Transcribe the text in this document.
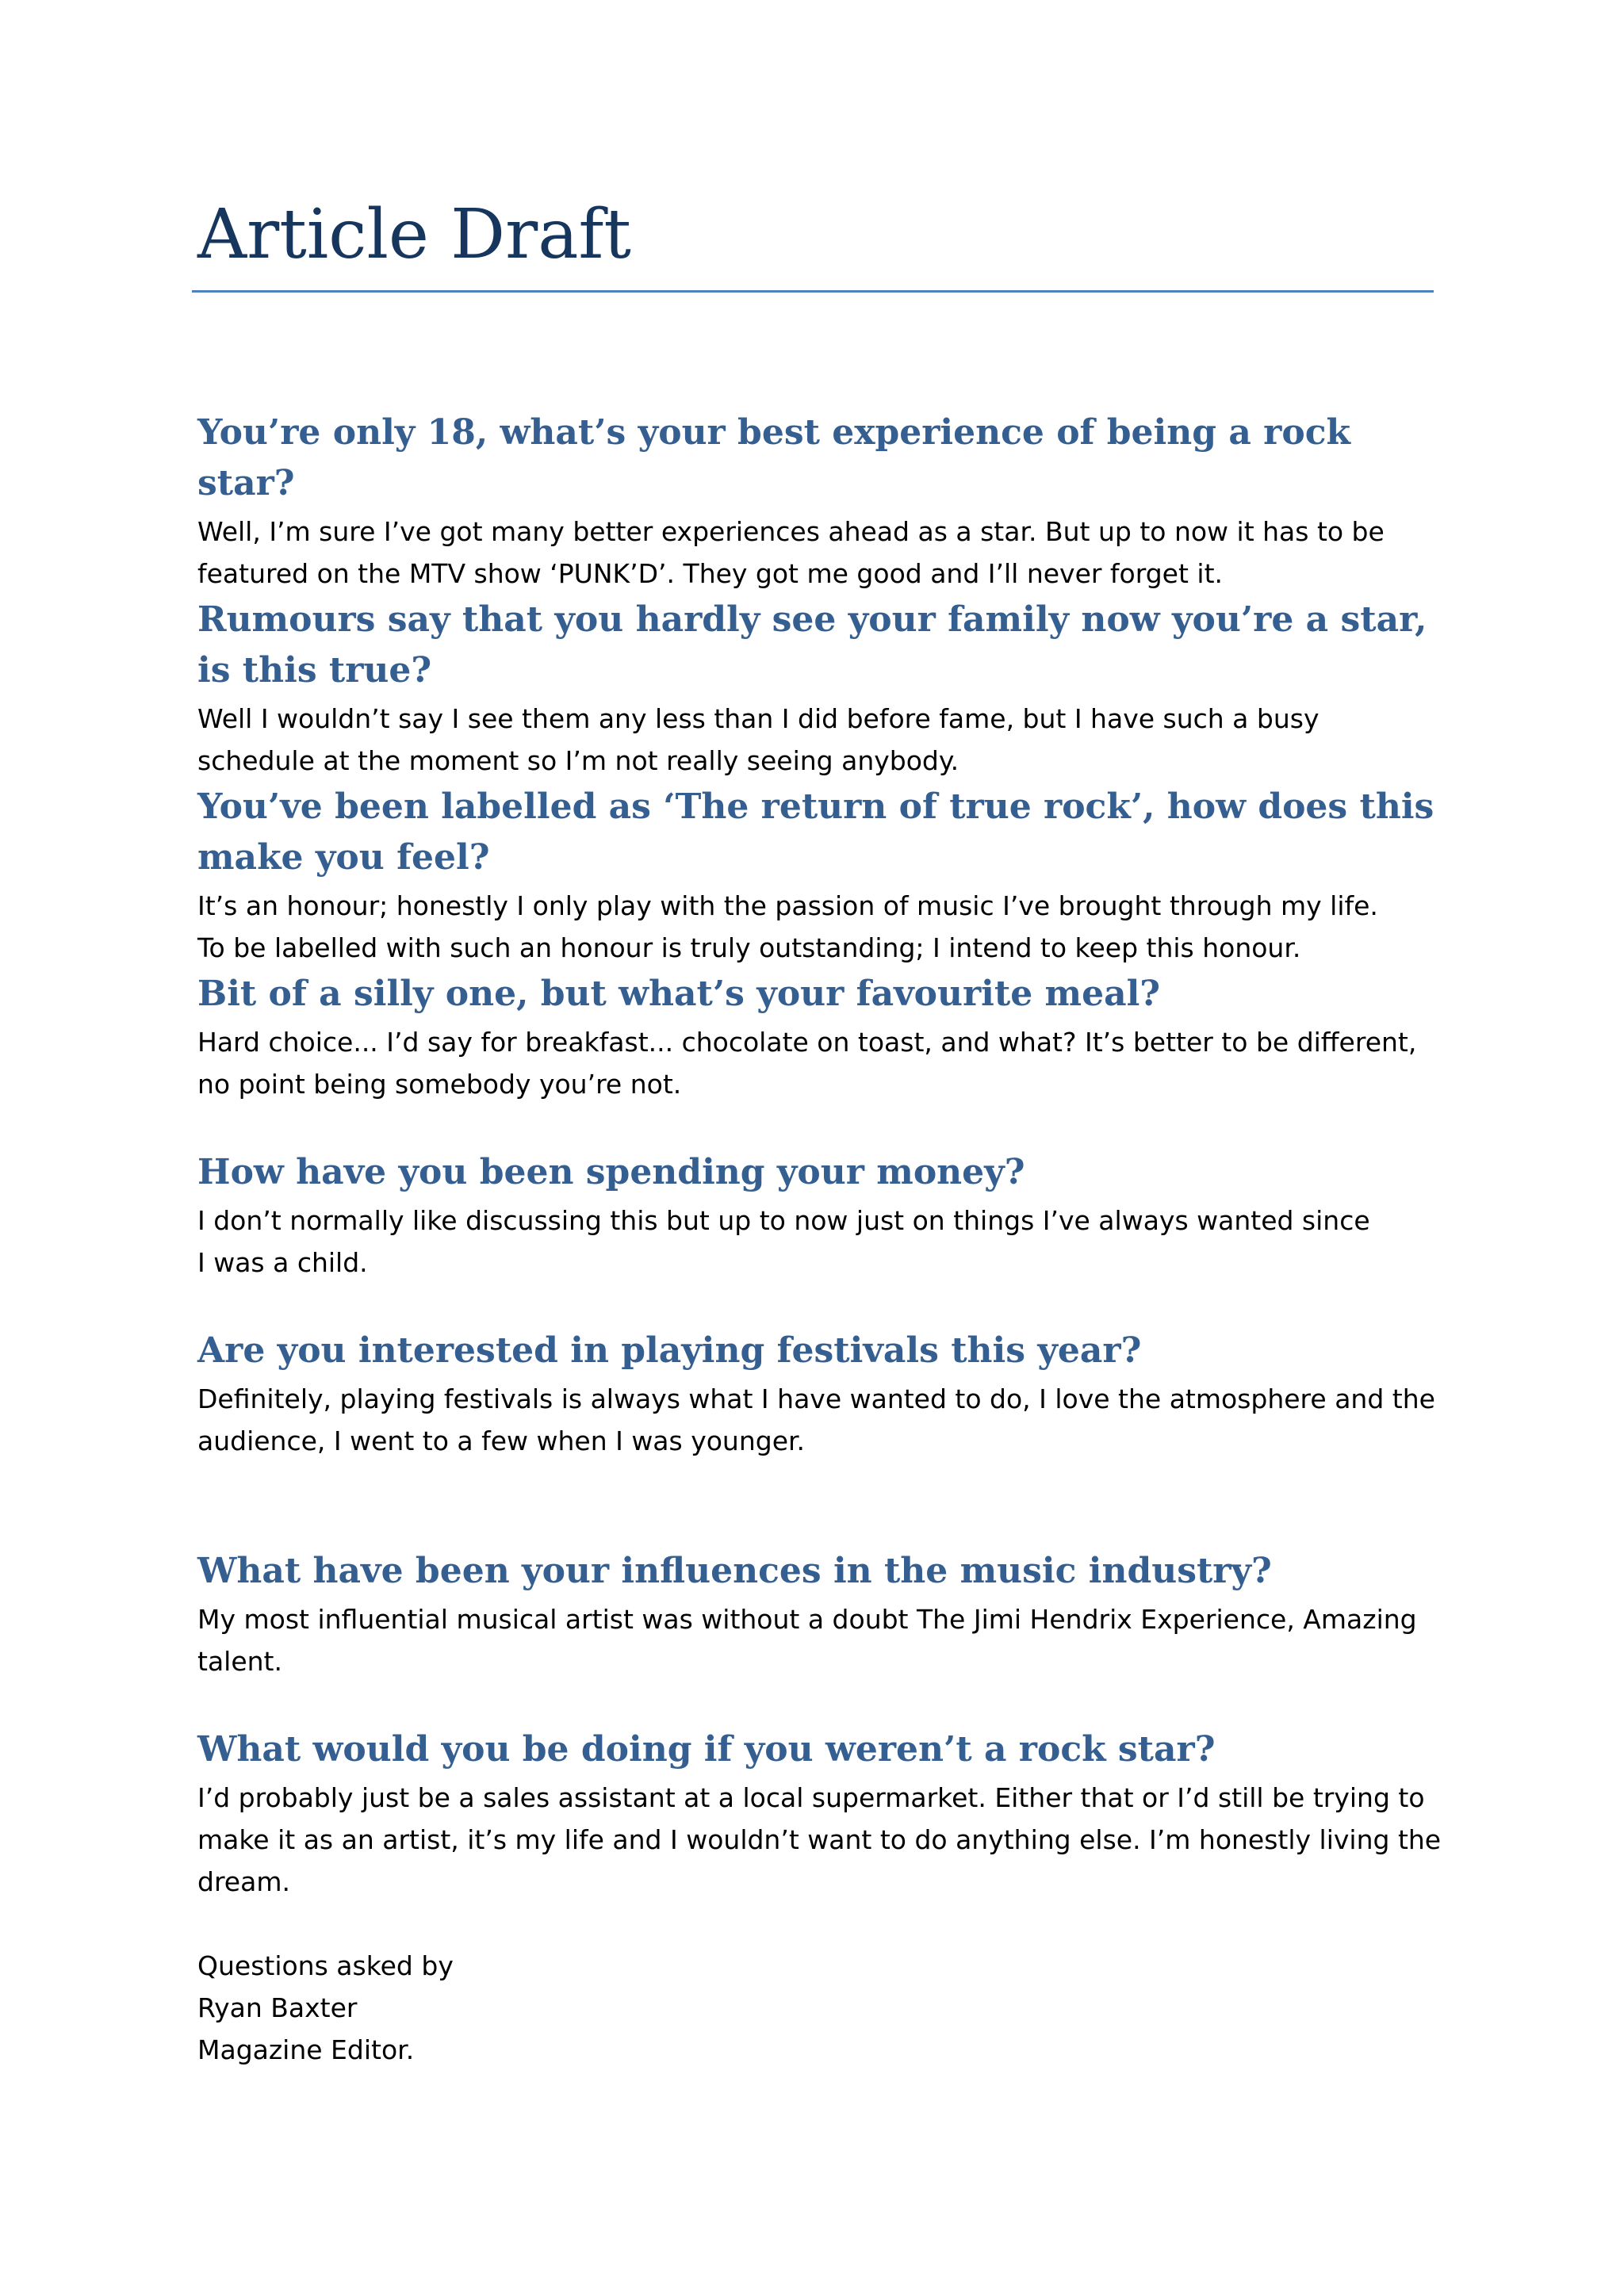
Article Draft

You’re only 18, what’s your best experience of being a rock star?

Well, I’m sure I’ve got many better experiences ahead as a star. But up to now it has to be featured on the MTV show ‘PUNK’D’. They got me good and I’ll never forget it.

Rumours say that you hardly see your family now you’re a star, is this true?

Well I wouldn’t say I see them any less than I did before fame, but I have such a busy schedule at the moment so I’m not really seeing anybody.

You’ve been labelled as ‘The return of true rock’, how does this make you feel?

It’s an honour; honestly I only play with the passion of music I’ve brought through my life.
To be labelled with such an honour is truly outstanding; I intend to keep this honour.

Bit of a silly one, but what’s your favourite meal?

Hard choice... I’d say for breakfast... chocolate on toast, and what? It’s better to be different, no point being somebody you’re not.

How have you been spending your money?

I don’t normally like discussing this but up to now just on things I’ve always wanted since
I was a child.

Are you interested in playing festivals this year?

Definitely, playing festivals is always what I have wanted to do, I love the atmosphere and the audience, I went to a few when I was younger.

What have been your influences in the music industry?

My most influential musical artist was without a doubt The Jimi Hendrix Experience, Amazing talent.

What would you be doing if you weren’t a rock star?

I’d probably just be a sales assistant at a local supermarket. Either that or I’d still be trying to make it as an artist, it’s my life and I wouldn’t want to do anything else. I’m honestly living the dream.

Questions asked by

Ryan Baxter

Magazine Editor.
